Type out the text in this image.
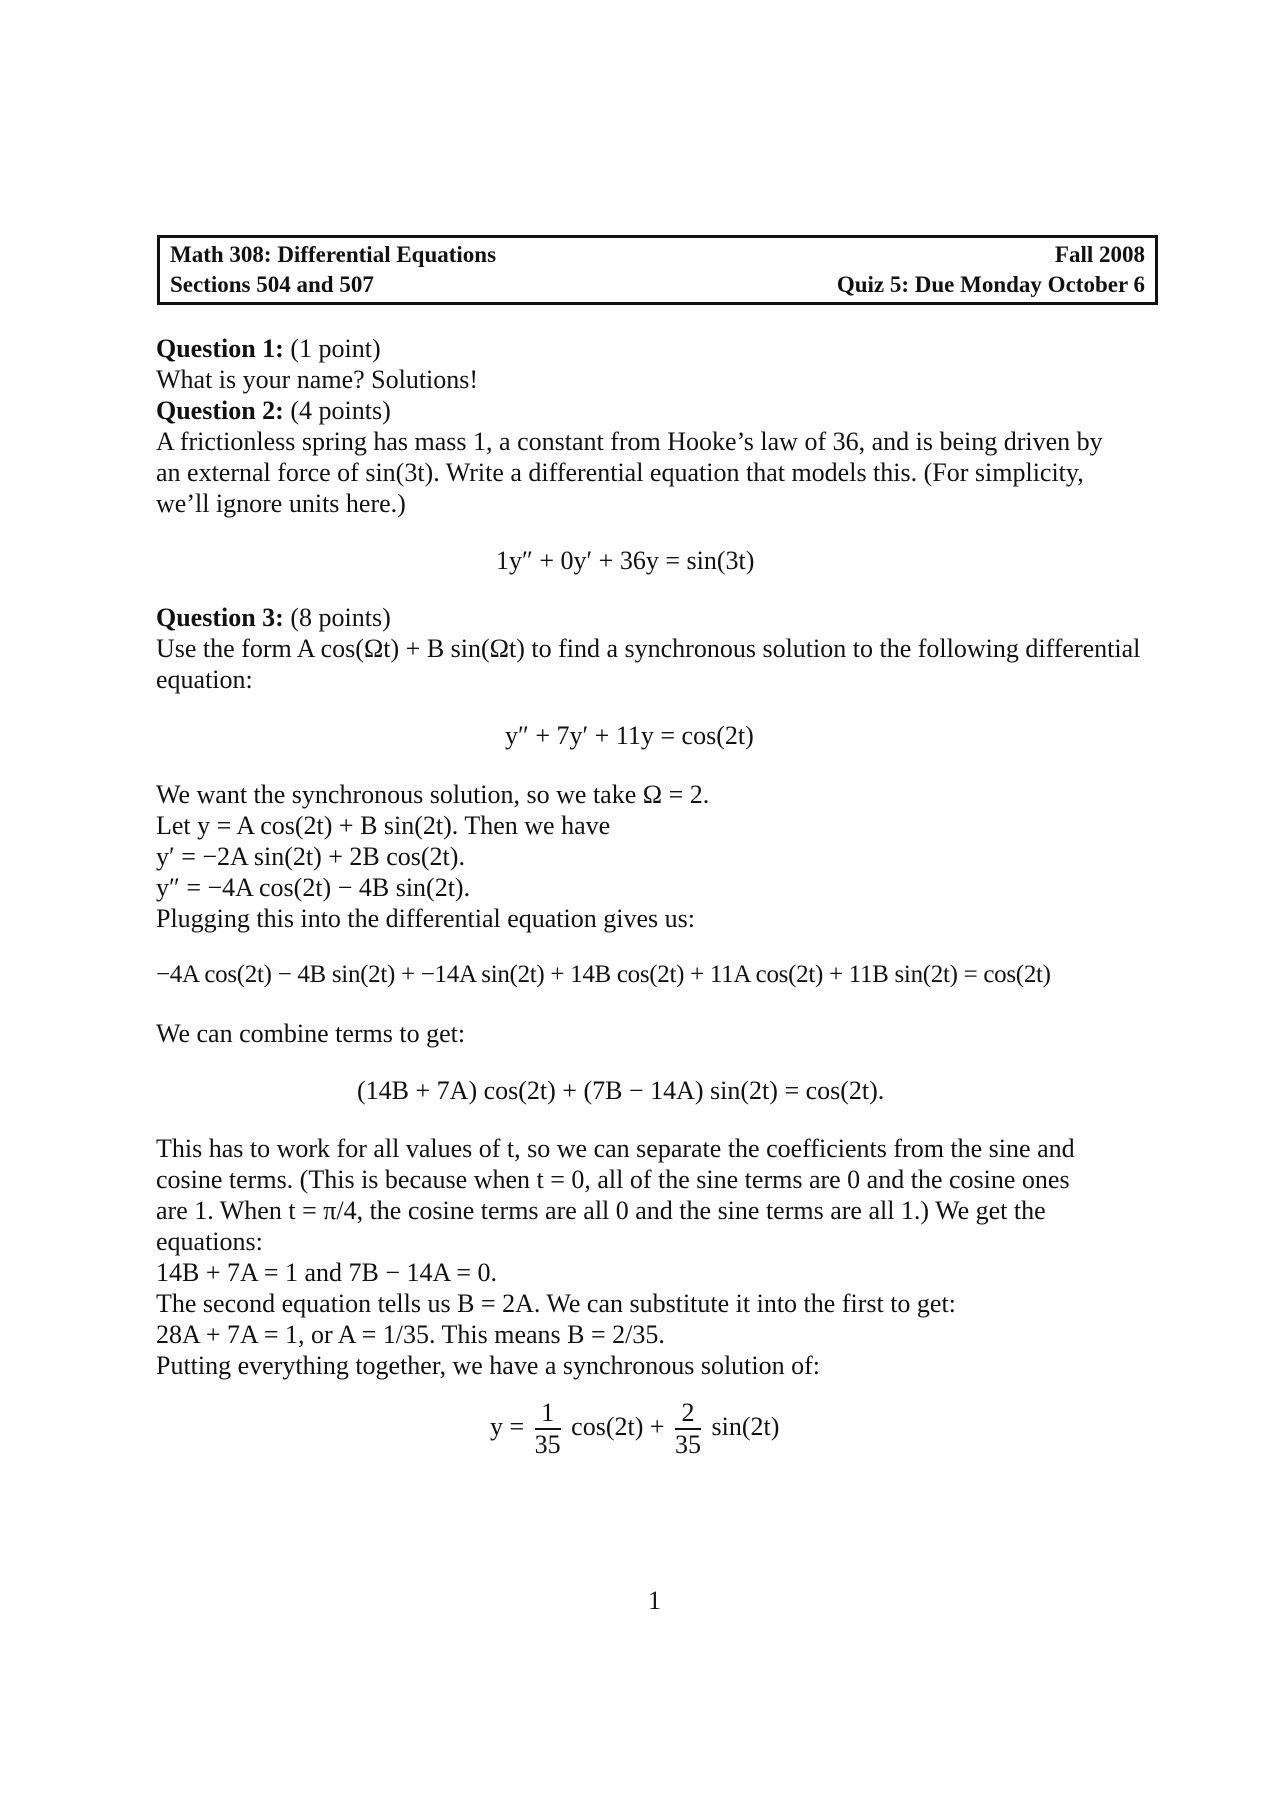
Math 308: Differential Equations	Fall 2008
Sections 504 and 507	Quiz 5: Due Monday October 6
Question 1: (1 point)
What is your name? Solutions!
Question 2: (4 points)
A frictionless spring has mass 1, a constant from Hooke’s law of 36, and is being driven by
an external force of sin(3t). Write a differential equation that models this. (For simplicity,
we’ll ignore units here.)
1y″ + 0y′ + 36y = sin(3t)
Question 3: (8 points)
Use the form A cos(Ωt) + B sin(Ωt) to find a synchronous solution to the following differential
equation:
y″ + 7y′ + 11y = cos(2t)
We want the synchronous solution, so we take Ω = 2.
Let y = A cos(2t) + B sin(2t). Then we have
y′ = −2A sin(2t) + 2B cos(2t).
y″ = −4A cos(2t) − 4B sin(2t).
Plugging this into the differential equation gives us:
−4A cos(2t) − 4B sin(2t) + −14A sin(2t) + 14B cos(2t) + 11A cos(2t) + 11B sin(2t) = cos(2t)
We can combine terms to get:
(14B + 7A) cos(2t) + (7B − 14A) sin(2t) = cos(2t).
This has to work for all values of t, so we can separate the coefficients from the sine and
cosine terms. (This is because when t = 0, all of the sine terms are 0 and the cosine ones
are 1. When t = π/4, the cosine terms are all 0 and the sine terms are all 1.) We get the
equations:
14B + 7A = 1 and 7B − 14A = 0.
The second equation tells us B = 2A. We can substitute it into the first to get:
28A + 7A = 1, or A = 1/35. This means B = 2/35.
Putting everything together, we have a synchronous solution of:
$y = \frac{1}{35} \cos(2t) + \frac{2}{35} \sin(2t)$
1
